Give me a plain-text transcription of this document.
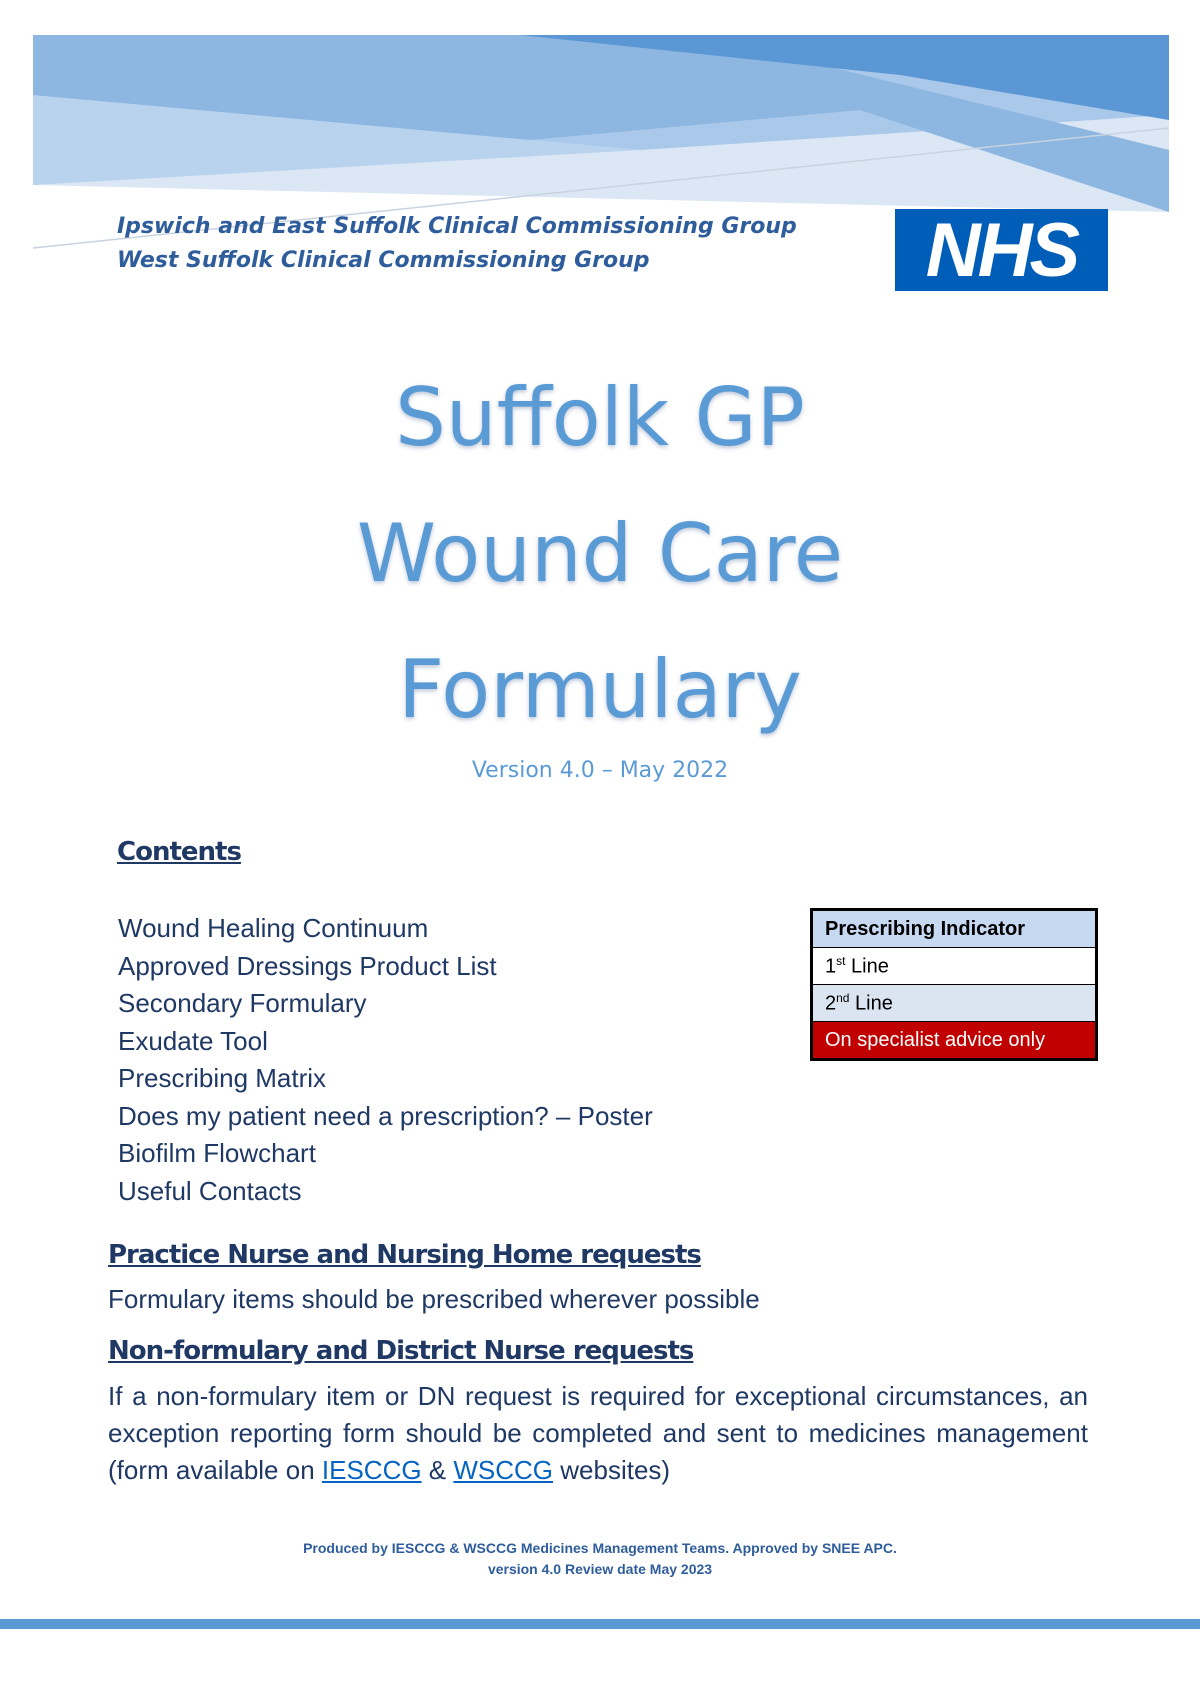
Ipswich and East Suffolk Clinical Commissioning Group
West Suffolk Clinical Commissioning Group	NHS
Suffolk GP
Wound Care
Formulary
Version 4.0 – May 2022
Contents
Wound Healing Continuum
Approved Dressings Product List
Secondary Formulary
Exudate Tool
Prescribing Matrix
Does my patient need a prescription? – Poster
Biofilm Flowchart
Useful Contacts
Prescribing Indicator
1st Line
2nd Line
On specialist advice only
Practice Nurse and Nursing Home requests
Formulary items should be prescribed wherever possible
Non-formulary and District Nurse requests
If a non-formulary item or DN request is required for exceptional circumstances, an exception reporting form should be completed and sent to medicines management (form available on IESCCG & WSCCG websites)
Produced by IESCCG & WSCCG Medicines Management Teams. Approved by SNEE APC.
version 4.0 Review date May 2023
